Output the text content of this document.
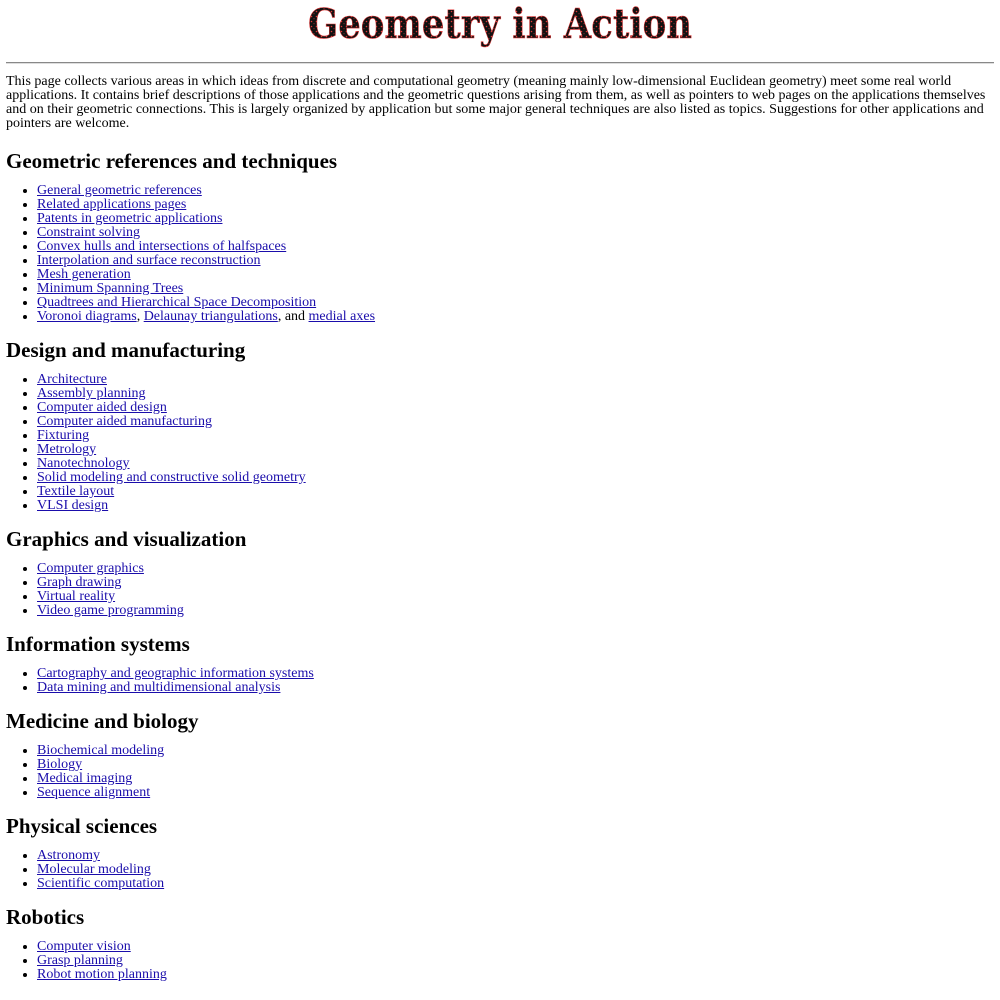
Geometry in Action

This page collects various areas in which ideas from discrete and computational geometry (meaning mainly low-dimensional Euclidean geometry) meet some real world applications. It contains brief descriptions of those applications and the geometric questions arising from them, as well as pointers to web pages on the applications themselves and on their geometric connections. This is largely organized by application but some major general techniques are also listed as topics. Suggestions for other applications and pointers are welcome.

Geometric references and techniques
• General geometric references
• Related applications pages
• Patents in geometric applications
• Constraint solving
• Convex hulls and intersections of halfspaces
• Interpolation and surface reconstruction
• Mesh generation
• Minimum Spanning Trees
• Quadtrees and Hierarchical Space Decomposition
• Voronoi diagrams, Delaunay triangulations, and medial axes
Design and manufacturing
• Architecture
• Assembly planning
• Computer aided design
• Computer aided manufacturing
• Fixturing
• Metrology
• Nanotechnology
• Solid modeling and constructive solid geometry
• Textile layout
• VLSI design
Graphics and visualization
• Computer graphics
• Graph drawing
• Virtual reality
• Video game programming
Information systems
• Cartography and geographic information systems
• Data mining and multidimensional analysis
Medicine and biology
• Biochemical modeling
• Biology
• Medical imaging
• Sequence alignment
Physical sciences
• Astronomy
• Molecular modeling
• Scientific computation
Robotics
• Computer vision
• Grasp planning
• Robot motion planning
